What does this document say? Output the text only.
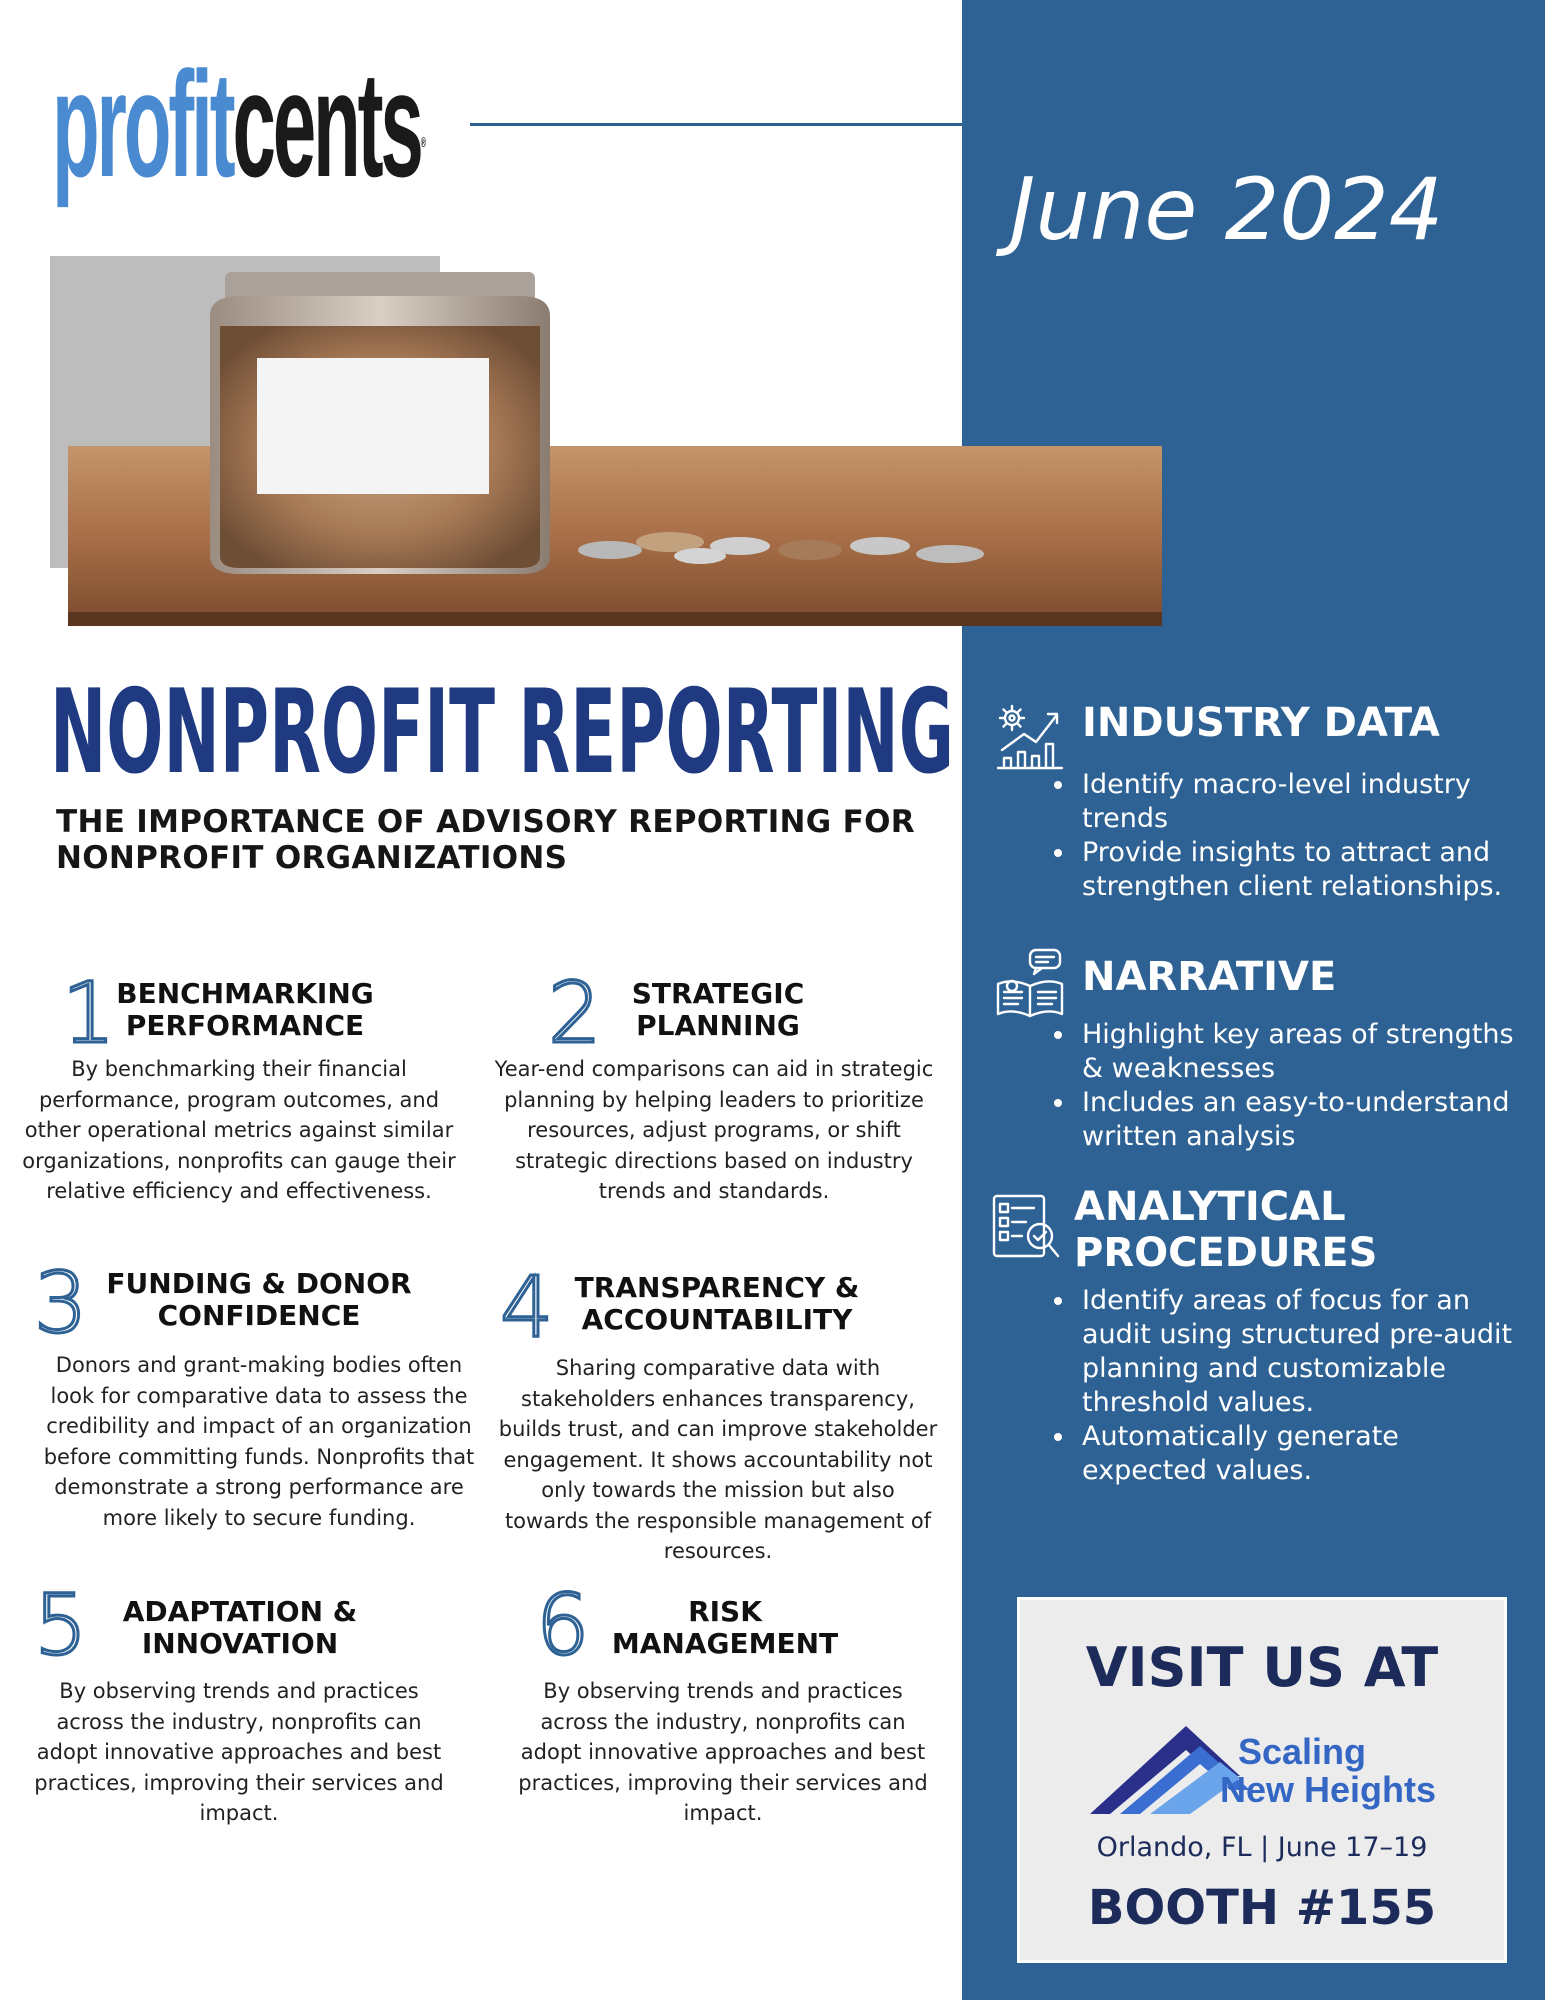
profitcents®
June 2024
NONPROFIT REPORTING
THE IMPORTANCE OF ADVISORY REPORTING FOR NONPROFIT ORGANIZATIONS
1 BENCHMARKING PERFORMANCE
By benchmarking their financial performance, program outcomes, and other operational metrics against similar organizations, nonprofits can gauge their relative efficiency and effectiveness.
2	STRATEGIC PLANNING
Year-end comparisons can aid in strategic planning by helping leaders to prioritize resources, adjust programs, or shift strategic directions based on industry trends and standards.
3 FUNDING & DONOR CONFIDENCE
Donors and grant-making bodies often look for comparative data to assess the credibility and impact of an organization before committing funds. Nonprofits that demonstrate a strong performance are more likely to secure funding.
4 TRANSPARENCY & ACCOUNTABILITY
Sharing comparative data with stakeholders enhances transparency, builds trust, and can improve stakeholder engagement. It shows accountability not only towards the mission but also towards the responsible management of resources.
5	ADAPTATION & INNOVATION
By observing trends and practices across the industry, nonprofits can adopt innovative approaches and best practices, improving their services and impact.
6	RISK MANAGEMENT
By observing trends and practices across the industry, nonprofits can adopt innovative approaches and best practices, improving their services and impact.
INDUSTRY DATA
Identify macro-level industry trends
Provide insights to attract and strengthen client relationships.
NARRATIVE
Highlight key areas of strengths & weaknesses
Includes an easy-to-understand written analysis
ANALYTICAL PROCEDURES
Identify areas of focus for an audit using structured pre-audit planning and customizable threshold values.
Automatically generate expected values.
VISIT US AT
Scaling
New Heights
Orlando, FL | June 17–19
BOOTH #155
